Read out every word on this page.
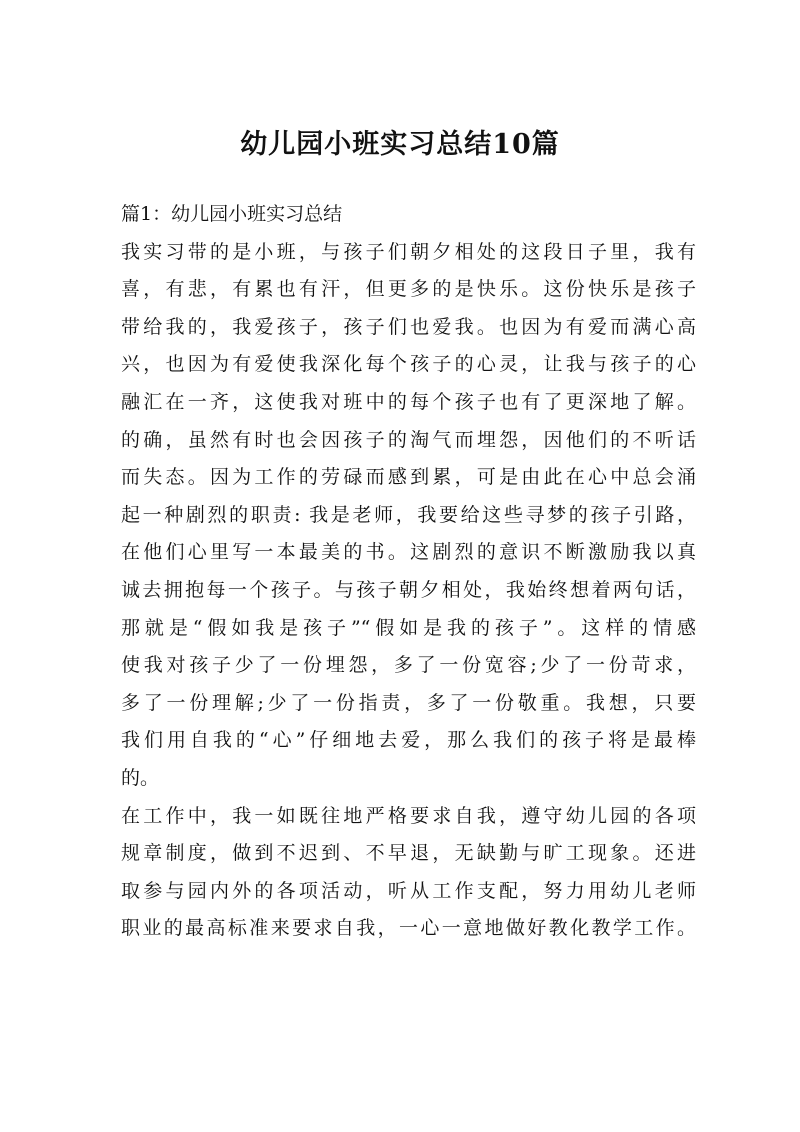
幼儿园小班实习总结10篇
篇1：幼儿园小班实习总结
我实习带的是小班，与孩子们朝夕相处的这段日子里，我有
喜，有悲，有累也有汗，但更多的是快乐。这份快乐是孩子
带给我的，我爱孩子，孩子们也爱我。也因为有爱而满心高
兴，也因为有爱使我深化每个孩子的心灵，让我与孩子的心
融汇在一齐，这使我对班中的每个孩子也有了更深地了解。
的确，虽然有时也会因孩子的淘气而埋怨，因他们的不听话
而失态。因为工作的劳碌而感到累，可是由此在心中总会涌
起一种剧烈的职责: 我是老师，我要给这些寻梦的孩子引路，
在他们心里写一本最美的书。这剧烈的意识不断激励我以真
诚去拥抱每一个孩子。与孩子朝夕相处，我始终想着两句话，
那就是“假如我是孩子”“假如是我的孩子”。这样的情感
使我对孩子少了一份埋怨，多了一份宽容;少了一份苛求，
多了一份理解;少了一份指责，多了一份敬重。我想，只要
我们用自我的“心”仔细地去爱，那么我们的孩子将是最棒
的。
在工作中，我一如既往地严格要求自我，遵守幼儿园的各项
规章制度，做到不迟到、不早退，无缺勤与旷工现象。还进
取参与园内外的各项活动，听从工作支配，努力用幼儿老师
职业的最高标准来要求自我，一心一意地做好教化教学工作。
